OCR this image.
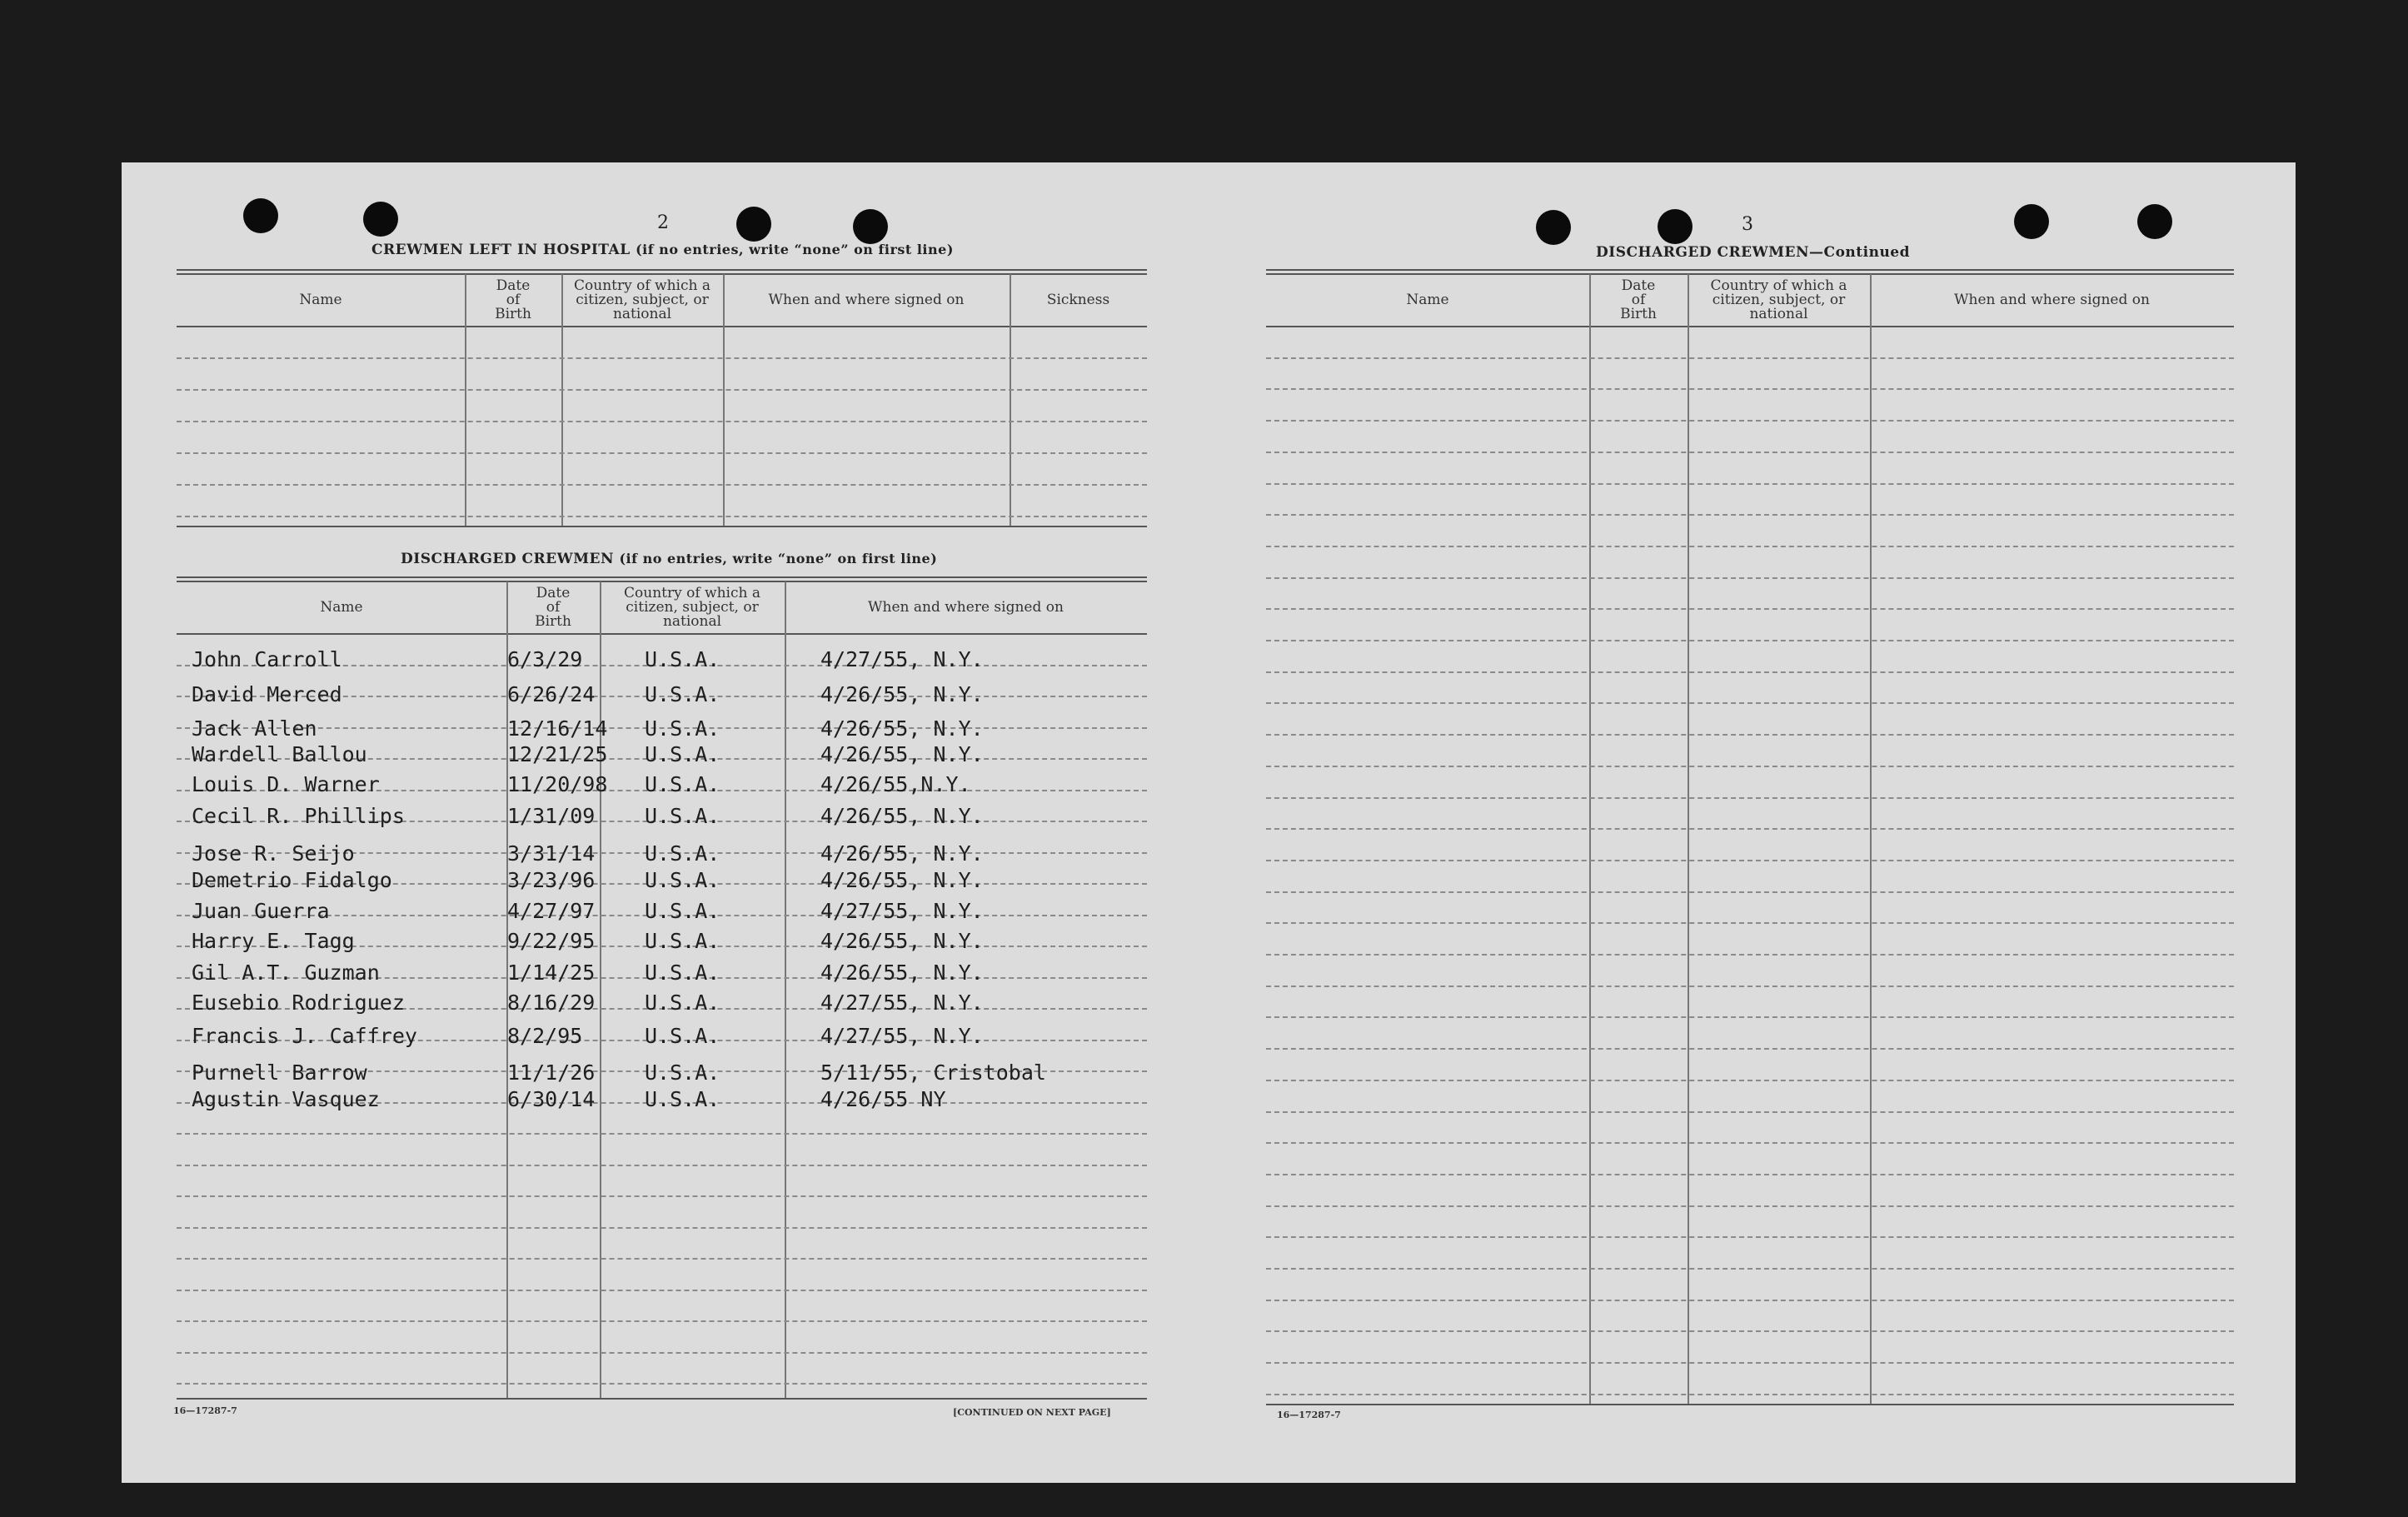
2
CREWMEN LEFT IN HOSPITAL (if no entries, write “none” on first line)
Name
Date
of
Birth
Country of which a
citizen, subject, or
national
When and where signed on	Sickness
DISCHARGED CREWMEN (if no entries, write “none” on first line)
Name
Date
of
Birth
Country of which a
citizen, subject, or
national
When and where signed on
John Carroll	6/3/29	U.S.A.	4/27/55, N.Y.
David Merced	6/26/24 U.S.A.	4/26/55, N.Y.
Jack Allen	12/16/14 U.S.A.	4/26/55, N.Y.
Wardell Ballou	12/21/25 U.S.A.	4/26/55, N.Y.
Louis D. Warner	11/20/98 U.S.A.	4/26/55,N.Y.
Cecil R. Phillips	1/31/09 U.S.A.	4/26/55, N.Y.
Jose R. Seijo	3/31/14 U.S.A.	4/26/55, N.Y.
Demetrio Fidalgo	3/23/96 U.S.A.	4/26/55, N.Y.
Juan Guerra	4/27/97 U.S.A.	4/27/55, N.Y.
Harry E. Tagg	9/22/95 U.S.A.	4/26/55, N.Y.
Gil A.T. Guzman	1/14/25 U.S.A.	4/26/55, N.Y.
Eusebio Rodriguez	8/16/29 U.S.A.	4/27/55, N.Y.
Francis J. Caffrey	8/2/95	U.S.A.	4/27/55, N.Y.
Purnell Barrow	11/1/26 U.S.A.	5/11/55, Cristobal
Agustin Vasquez	6/30/14 U.S.A.	4/26/55 NY
16—17287-7	[CONTINUED ON NEXT PAGE]
3
DISCHARGED CREWMEN—Continued
Name
Date
of
Birth
Country of which a
citizen, subject, or
national
When and where signed on
16—17287-7
